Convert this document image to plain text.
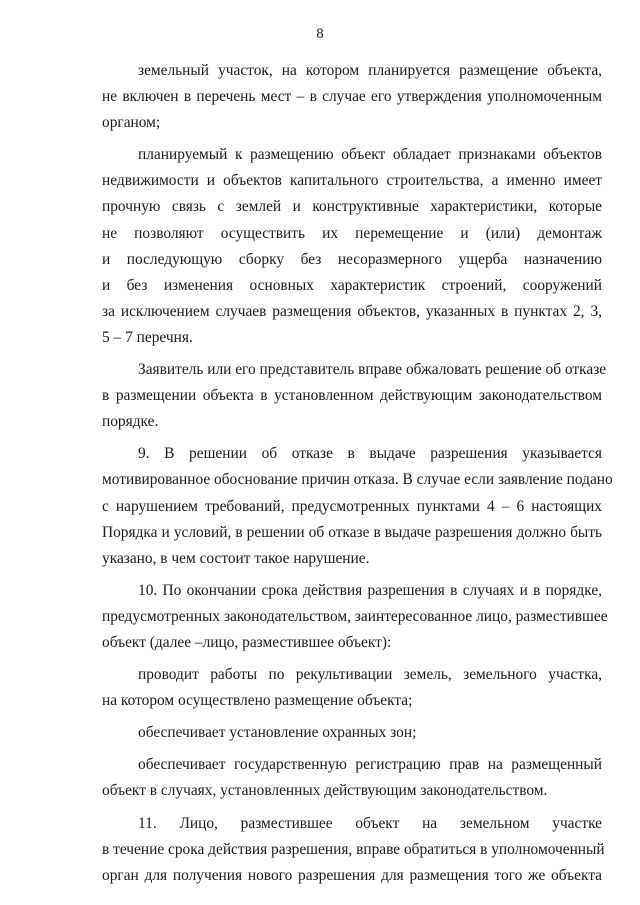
8
земельный участок, на котором планируется размещение объекта,
не включен в перечень мест – в случае его утверждения уполномоченным
органом;
планируемый к размещению объект обладает признаками объектов
недвижимости и объектов капитального строительства, а именно имеет
прочную связь с землей и конструктивные характеристики, которые
не позволяют осуществить их перемещение и (или) демонтаж
и последующую сборку без несоразмерного ущерба назначению
и без изменения основных характеристик строений, сооружений
за исключением случаев размещения объектов, указанных в пунктах 2, 3,
5 – 7 перечня.
Заявитель или его представитель вправе обжаловать решение об отказе
в размещении объекта в установленном действующим законодательством
порядке.
9. В решении об отказе в выдаче разрешения указывается
мотивированное обоснование причин отказа. В случае если заявление подано
с нарушением требований, предусмотренных пунктами 4 – 6 настоящих
Порядка и условий, в решении об отказе в выдаче разрешения должно быть
указано, в чем состоит такое нарушение.
10. По окончании срока действия разрешения в случаях и в порядке,
предусмотренных законодательством, заинтересованное лицо, разместившее
объект (далее –лицо, разместившее объект):
проводит работы по рекультивации земель, земельного участка,
на котором осуществлено размещение объекта;
обеспечивает установление охранных зон;
обеспечивает государственную регистрацию прав на размещенный
объект в случаях, установленных действующим законодательством.
11. Лицо, разместившее объект на земельном участке
в течение срока действия разрешения, вправе обратиться в уполномоченный
орган для получения нового разрешения для размещения того же объекта
